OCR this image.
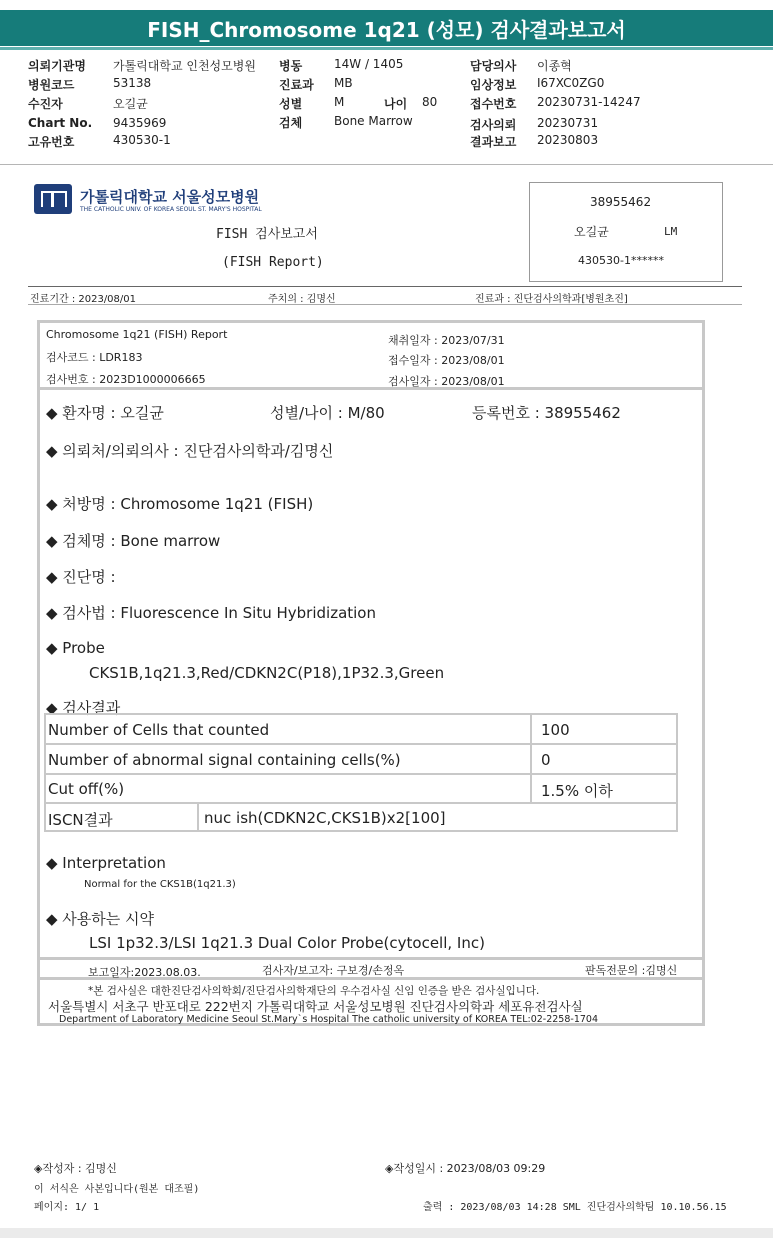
FISH_Chromosome 1q21 (성모) 검사결과보고서
의뢰기관명 가톨릭대학교 인천성모병원
병원코드	53138
수진자	오길균
Chart No. 9435969
고유번호	430530-1
병동	14W / 1405
진료과 MB
성별	M	나이 80
검체	Bone Marrow
담당의사 이종혁
임상정보 I67XC0ZG0
접수번호 20230731-14247
검사의뢰 20230731
결과보고 20230803
가톨릭대학교 서울성모병원
THE CATHOLIC UNIV. OF KOREA SEOUL ST. MARY'S HOSPITAL
FISH 검사보고서
(FISH Report)
38955462
오길균	LM
430530-1******
진료기간 : 2023/08/01	주치의 : 김명신	진료과 : 진단검사의학과[병원초진]
Chromosome 1q21 (FISH) Report
검사코드 : LDR183
검사번호 : 2023D1000006665
채취일자 : 2023/07/31
접수일자 : 2023/08/01
검사일자 : 2023/08/01
◆ 환자명 : 오길균	성별/나이 : M/80	등록번호 : 38955462
◆ 의뢰처/의뢰의사 : 진단검사의학과/김명신
◆ 처방명 : Chromosome 1q21 (FISH)
◆ 검체명 : Bone marrow
◆ 진단명 :
◆ 검사법 : Fluorescence In Situ Hybridization
◆ Probe
CKS1B,1q21.3,Red/CDKN2C(P18),1P32.3,Green
◆ 검사결과
Number of Cells that counted	100
Number of abnormal signal containing cells(%)	0
Cut off(%)	1.5% 이하
ISCN결과	nuc ish(CDKN2C,CKS1B)x2[100]
◆ Interpretation
Normal for the CKS1B(1q21.3)
◆ 사용하는 시약
LSI 1p32.3/LSI 1q21.3 Dual Color Probe(cytocell, Inc)
보고일자:2023.08.03.	검사자/보고자: 구보경/손정옥	판독전문의 :김명신
*본 검사실은 대한진단검사의학회/진단검사의학재단의 우수검사실 신임 인증을 받은 검사실입니다.
서울특별시 서초구 반포대로 222번지 가톨릭대학교 서울성모병원 진단검사의학과 세포유전검사실
Department of Laboratory Medicine Seoul St.Mary`s Hospital The catholic university of KOREA TEL:02-2258-1704
◈작성자 : 김명신	◈작성일시 : 2023/08/03 09:29
이 서식은 사본입니다(원본 대조필)
페이지: 1/ 1	출력 : 2023/08/03 14:28 SML 진단검사의학팀 10.10.56.15
